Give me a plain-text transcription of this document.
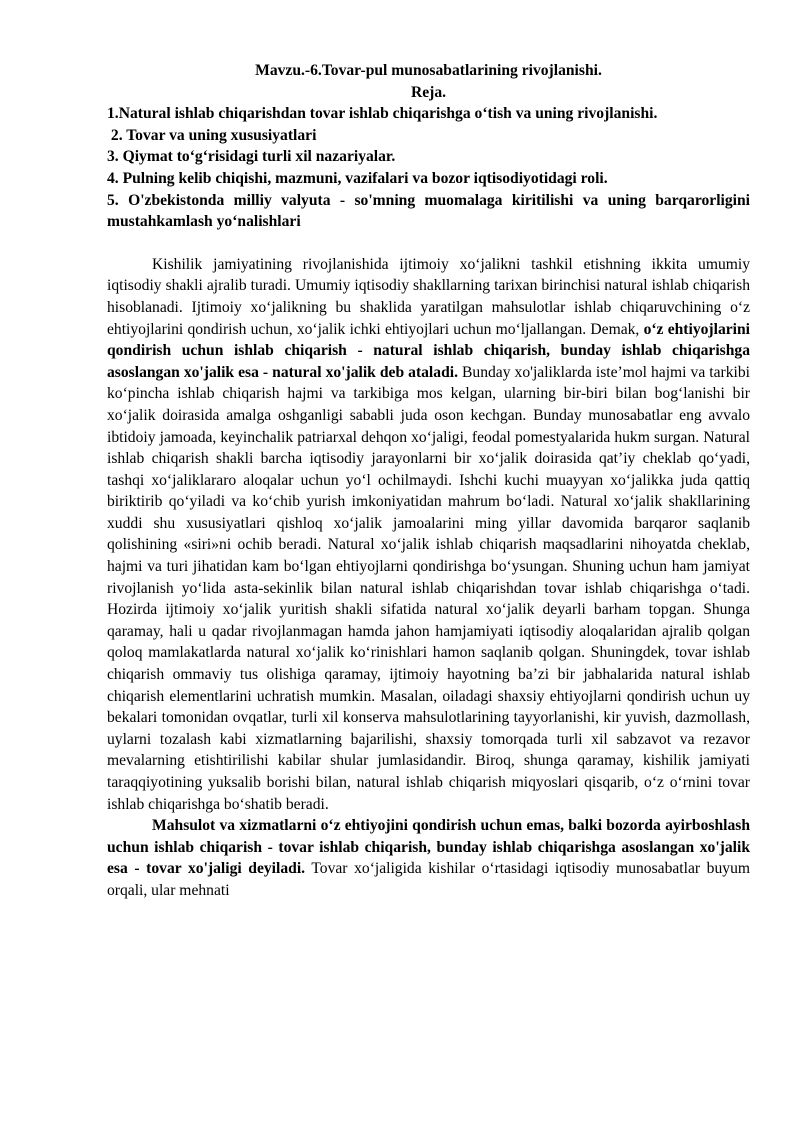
Mavzu.-6.Tovar-pul munosabatlarining rivojlanishi.

Reja.

1.Natural ishlab chiqarishdan tovar ishlab chiqarishga o‘tish va uning rivojlanishi.

2. Tovar va uning xususiyatlari

3. Qiymat to‘g‘risidagi turli xil nazariyalar.

4. Pulning kelib chiqishi, mazmuni, vazifalari va bozor iqtisodiyotidagi roli.

5. O'zbekistonda milliy valyuta - so'mning muomalaga kiritilishi va uning barqarorligini mustahkamlash yo‘nalishlari

Kishilik jamiyatining rivojlanishida ijtimoiy xo‘jalikni tashkil etishning ikkita umumiy iqtisodiy shakli ajralib turadi. Umumiy iqtisodiy shakllarning tarixan birinchisi natural ishlab chiqarish hisoblanadi. Ijtimoiy xo‘jalikning bu shaklida yaratilgan mahsulotlar ishlab chiqaruvchining o‘z ehtiyojlarini qondirish uchun, xo‘jalik ichki ehtiyojlari uchun mo‘ljallangan. Demak, o‘z ehtiyojlarini qondirish uchun ishlab chiqarish - natural ishlab chiqarish, bunday ishlab chiqarishga asoslangan xo'jalik esa - natural xo'jalik deb ataladi. Bunday xo'jaliklarda iste’mol hajmi va tarkibi ko‘pincha ishlab chiqarish hajmi va tarkibiga mos kelgan, ularning bir-biri bilan bog‘lanishi bir xo‘jalik doirasida amalga oshganligi sababli juda oson kechgan. Bunday munosabatlar eng avvalo ibtidoiy jamoada, keyinchalik patriarxal dehqon xo‘jaligi, feodal pomestyalarida hukm surgan. Natural ishlab chiqarish shakli barcha iqtisodiy jarayonlarni bir xo‘jalik doirasida qat’iy cheklab qo‘yadi, tashqi xo‘jaliklararo aloqalar uchun yo‘l ochilmaydi. Ishchi kuchi muayyan xo‘jalikka juda qattiq biriktirib qo‘yiladi va ko‘chib yurish imkoniyatidan mahrum bo‘ladi. Natural xo‘jalik shakllarining xuddi shu xususiyatlari qishloq xo‘jalik jamoalarini ming yillar davomida barqaror saqlanib qolishining «siri»ni ochib beradi. Natural xo‘jalik ishlab chiqarish maqsadlarini nihoyatda cheklab, hajmi va turi jihatidan kam bo‘lgan ehtiyojlarni qondirishga bo‘ysungan. Shuning uchun ham jamiyat rivojlanish yo‘lida asta-sekinlik bilan natural ishlab chiqarishdan tovar ishlab chiqarishga o‘tadi. Hozirda ijtimoiy xo‘jalik yuritish shakli sifatida natural xo‘jalik deyarli barham topgan. Shunga qaramay, hali u qadar rivojlanmagan hamda jahon hamjamiyati iqtisodiy aloqalaridan ajralib qolgan qoloq mamlakatlarda natural xo‘jalik ko‘rinishlari hamon saqlanib qolgan. Shuningdek, tovar ishlab chiqarish ommaviy tus olishiga qaramay, ijtimoiy hayotning ba’zi bir jabhalarida natural ishlab chiqarish elementlarini uchratish mumkin. Masalan, oiladagi shaxsiy ehtiyojlarni qondirish uchun uy bekalari tomonidan ovqatlar, turli xil konserva mahsulotlarining tayyorlanishi, kir yuvish, dazmollash, uylarni tozalash kabi xizmatlarning bajarilishi, shaxsiy tomorqada turli xil sabzavot va rezavor mevalarning etishtirilishi kabilar shular jumlasidandir. Biroq, shunga qaramay, kishilik jamiyati taraqqiyotining yuksalib borishi bilan, natural ishlab chiqarish miqyoslari qisqarib, o‘z o‘rnini tovar ishlab chiqarishga bo‘shatib beradi.

Mahsulot va xizmatlarni o‘z ehtiyojini qondirish uchun emas, balki bozorda ayirboshlash uchun ishlab chiqarish - tovar ishlab chiqarish, bunday ishlab chiqarishga asoslangan xo'jalik esa - tovar xo'jaligi deyiladi. Tovar xo‘jaligida kishilar o‘rtasidagi iqtisodiy munosabatlar buyum orqali, ular mehnati
